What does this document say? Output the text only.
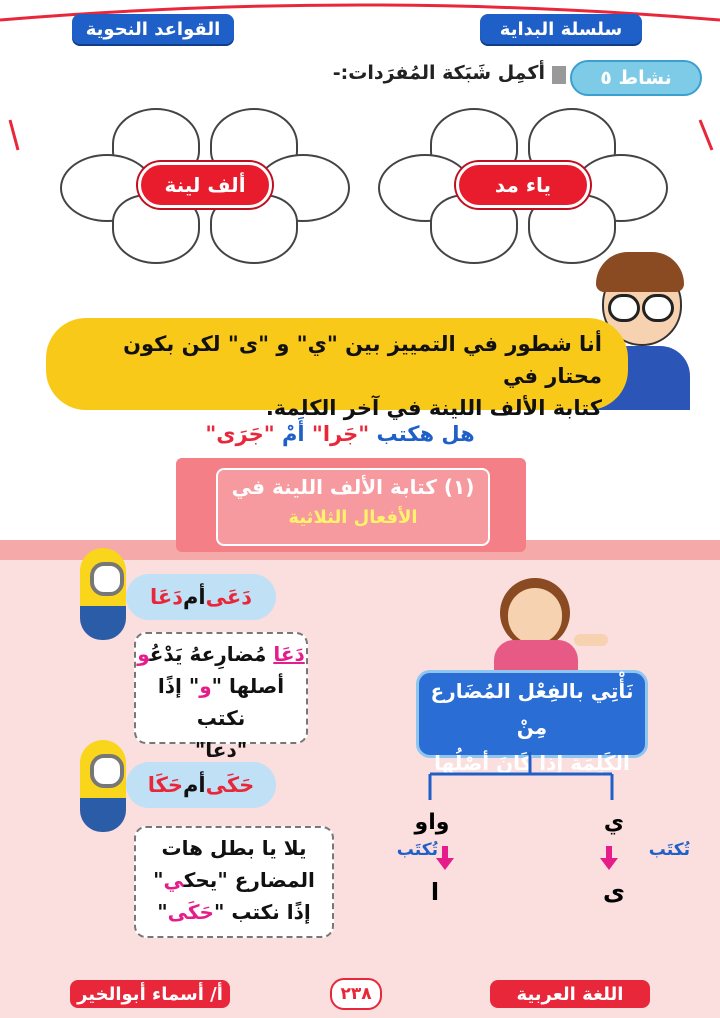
سلسلة البداية
القواعد النحوية
نشاط ٥
أكمِل شَبَكة المُفرَدات:-
ياء مد
ألف لينة
أنا شطور في التمييز بين "ي" و "ى" لكن بكون محتار في
كتابة الألف اللينة في آخر الكلمة.
هل هكتب "جَرا" أَمْ "جَرَى"
(١) كتابة الألف اللينة في
الأفعال الثلاثية
نَأْتِي بالفِعْل المُضَارع مِنْ
الكَلِمَة إذا كَانَ أصْلُها
ي
تُكتَب
ى
واو
تُكتَب
ا
دَعَى
أم
دَعَا
دَعَا مُضارِعهُ يَدْعُو
أصلها "و" إذًا نكتب
"دعا"
حَكَى
أم
حَكَا
يلا يا بطل هات
المضارع "يحكي"
إذًا نكتب "حَكَى"
اللغة العربية
٢٣٨
أ/ أسماء أبوالخير
